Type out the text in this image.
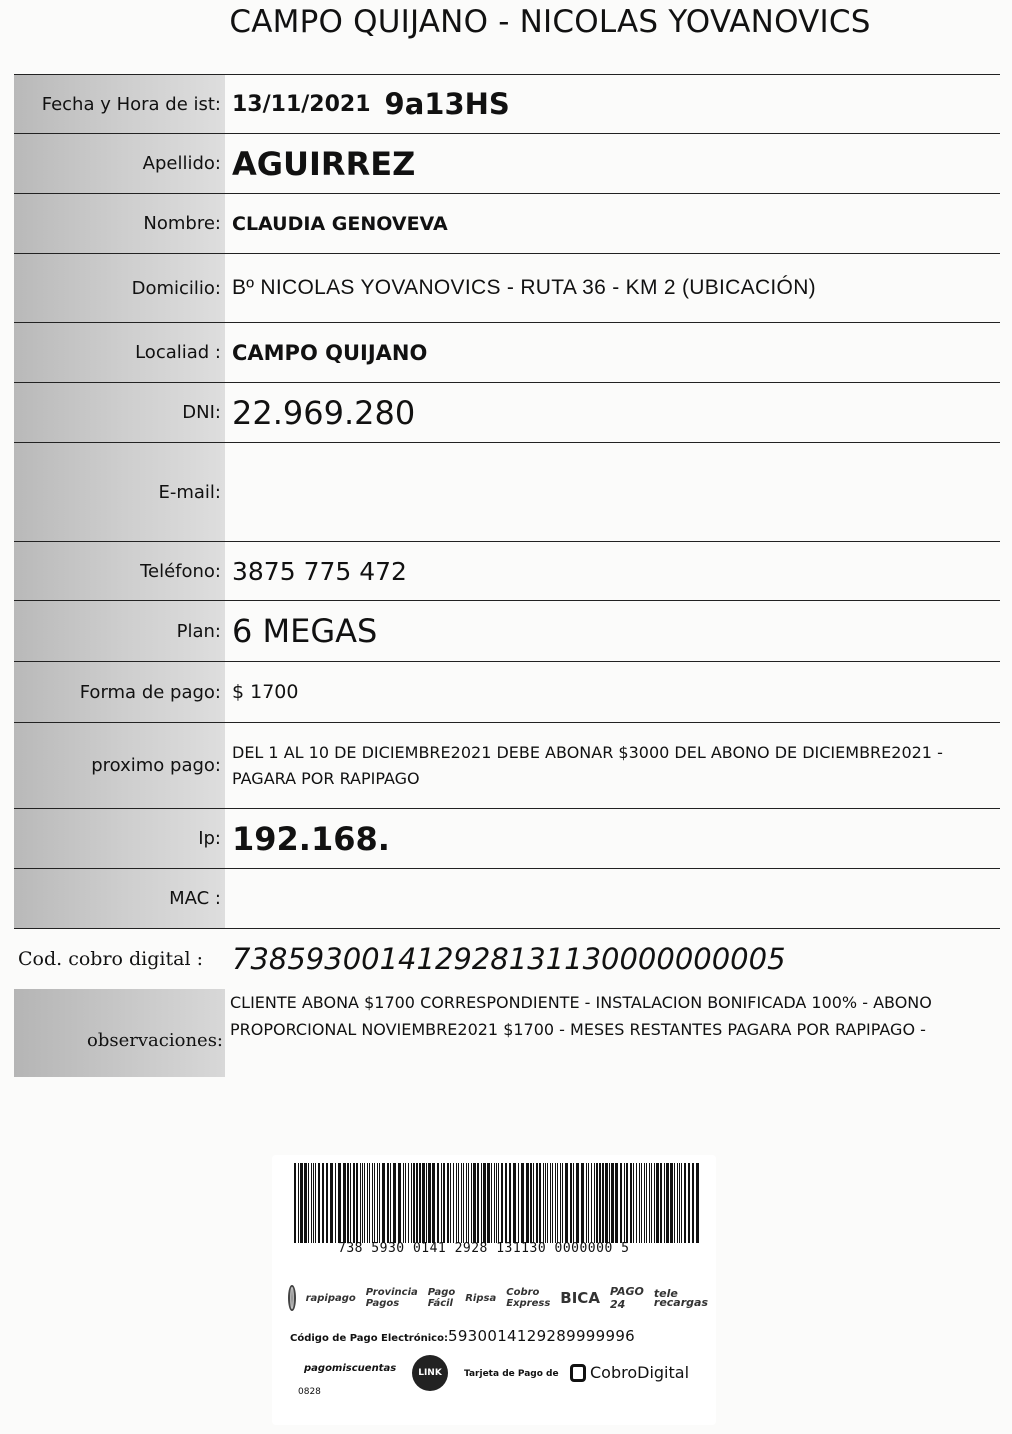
CAMPO QUIJANO - NICOLAS YOVANOVICS
Fecha y Hora de ist: 13/11/2021 9a13HS
Apellido: AGUIRREZ
Nombre: CLAUDIA GENOVEVA
Domicilio: Bº NICOLAS YOVANOVICS - RUTA 36 - KM 2 (UBICACIÓN)
Localiad : CAMPO QUIJANO
DNI: 22.969.280
E-mail:
Teléfono: 3875 775 472
Plan: 6 MEGAS
Forma de pago: $ 1700
proximo pago:
DEL 1 AL 10 DE DICIEMBRE2021 DEBE ABONAR $3000 DEL ABONO DE DICIEMBRE2021 -
PAGARA POR RAPIPAGO
Ip: 192.168.
MAC :
Cod. cobro digital :	738593001412928131130000000005
observaciones:
CLIENTE ABONA $1700 CORRESPONDIENTE - INSTALACION BONIFICADA 100% - ABONO
PROPORCIONAL NOVIEMBRE2021 $1700 - MESES RESTANTES PAGARA POR RAPIPAGO -
738 5930 0141 2928 131130 0000000 5
rapipago Provincia Pagos
Pago Fácil Ripsa Cobro Express BICA PAGO 24
tele recargas
Código de Pago Electrónico: 5930014129289999996
pagomiscuentas
0828
LINK	Tarjeta de Pago de CobroDigital
